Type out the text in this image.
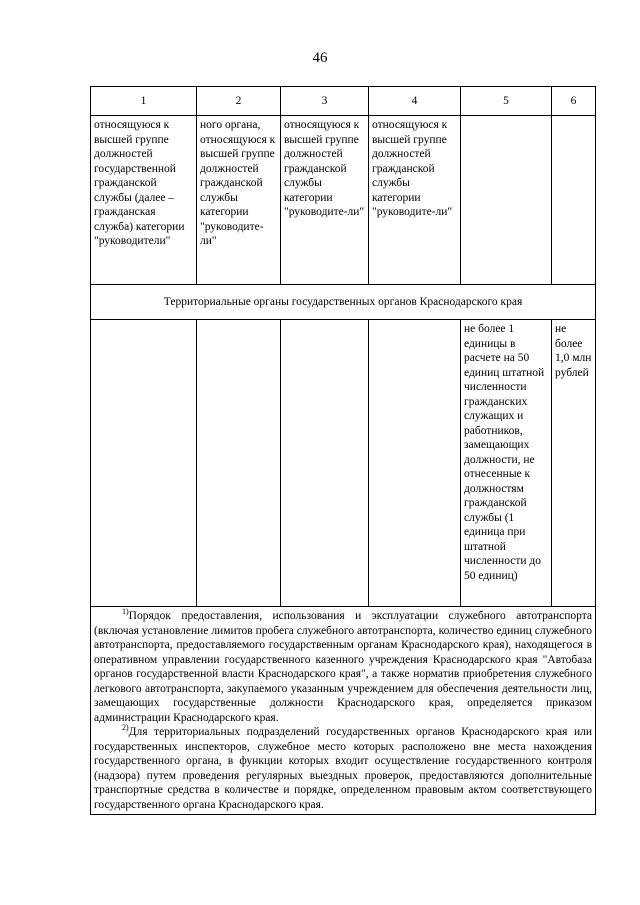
46
1	2	3	4	5	6
относящуюся к высшей группе должностей государственной гражданской службы (далее – гражданская служба) категории "руководители"	ного органа, относящуюся к высшей группе должностей гражданской службы категории "руководите-ли"	относящуюся к высшей группе должностей гражданской службы категории "руководите-ли"	относящуюся к высшей группе должностей гражданской службы категории "руководите-ли"		
Территориальные органы государственных органов Краснодарского края					
				не более 1 единицы в расчете на 50 единиц штатной численности гражданских служащих и работников, замещающих должности, не отнесенные к должностям гражданской службы (1 единица при штатной численности до 50 единиц)	не более 1,0 млн рублей

$^{1)}$Порядок предоставления, использования и эксплуатации служебного автотранспорта (включая установление лимитов пробега служебного автотранспорта, количество единиц служебного автотранспорта, предоставляемого государственным органам Краснодарского края), находящегося в оперативном управлении государственного казенного учреждения Краснодарского края "Автобаза органов государственной власти Краснодарского края", а также норматив приобретения служебного легкового автотранспорта, закупаемого указанным учреждением для обеспечения деятельности лиц, замещающих государственные должности Краснодарского края, определяется приказом администрации Краснодарского края.

$^{2)}$Для территориальных подразделений государственных органов Краснодарского края или государственных инспекторов, служебное место которых расположено вне места нахождения государственного органа, в функции которых входит осуществление государственного контроля (надзора) путем проведения регулярных выездных проверок, предоставляются дополнительные транспортные средства в количестве и порядке, определенном правовым актом соответствующего государственного органа Краснодарского края.					
